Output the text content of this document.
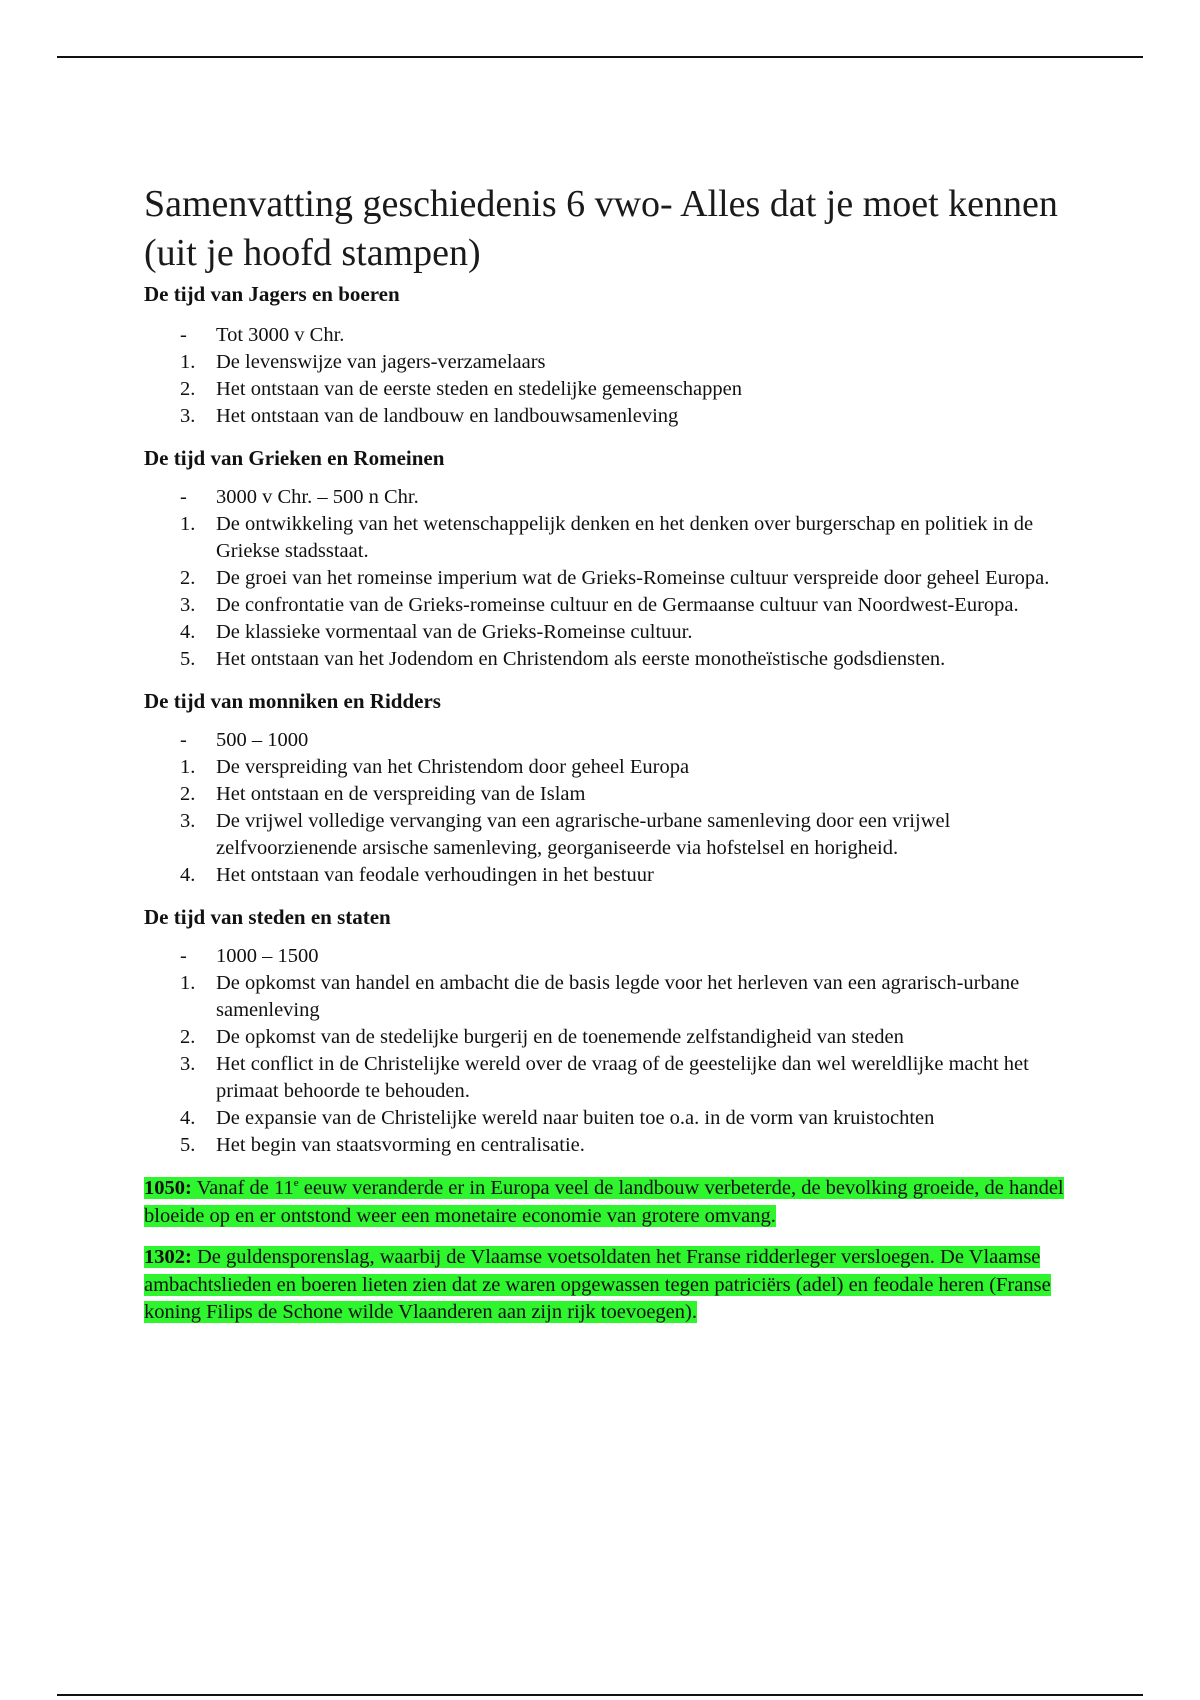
Samenvatting geschiedenis 6 vwo- Alles dat je moet kennen (uit je hoofd stampen)
De tijd van Jagers en boeren
- Tot 3000 v Chr.
1. De levenswijze van jagers-verzamelaars
2. Het ontstaan van de eerste steden en stedelijke gemeenschappen
3. Het ontstaan van de landbouw en landbouwsamenleving
De tijd van Grieken en Romeinen
- 3000 v Chr. – 500 n Chr.
1. De ontwikkeling van het wetenschappelijk denken en het denken over burgerschap en politiek in de Griekse stadsstaat.
2. De groei van het romeinse imperium wat de Grieks-Romeinse cultuur verspreide door geheel Europa.
3. De confrontatie van de Grieks-romeinse cultuur en de Germaanse cultuur van Noordwest-Europa.
4. De klassieke vormentaal van de Grieks-Romeinse cultuur.
5. Het ontstaan van het Jodendom en Christendom als eerste monotheïstische godsdiensten.
De tijd van monniken en Ridders
- 500 – 1000
1. De verspreiding van het Christendom door geheel Europa
2. Het ontstaan en de verspreiding van de Islam
3. De vrijwel volledige vervanging van een agrarische-urbane samenleving door een vrijwel zelfvoorzienende arsische samenleving, georganiseerde via hofstelsel en horigheid.
4. Het ontstaan van feodale verhoudingen in het bestuur
De tijd van steden en staten
- 1000 – 1500
1. De opkomst van handel en ambacht die de basis legde voor het herleven van een agrarisch-urbane samenleving
2. De opkomst van de stedelijke burgerij en de toenemende zelfstandigheid van steden
3. Het conflict in de Christelijke wereld over de vraag of de geestelijke dan wel wereldlijke macht het primaat behoorde te behouden.
4. De expansie van de Christelijke wereld naar buiten toe o.a. in de vorm van kruistochten
5. Het begin van staatsvorming en centralisatie.
1050: Vanaf de 11e eeuw veranderde er in Europa veel de landbouw verbeterde, de bevolking groeide, de handel bloeide op en er ontstond weer een monetaire economie van grotere omvang.
1302: De guldensporenslag, waarbij de Vlaamse voetsoldaten het Franse ridderleger versloegen. De Vlaamse ambachtslieden en boeren lieten zien dat ze waren opgewassen tegen patriciërs (adel) en feodale heren (Franse koning Filips de Schone wilde Vlaanderen aan zijn rijk toevoegen).
